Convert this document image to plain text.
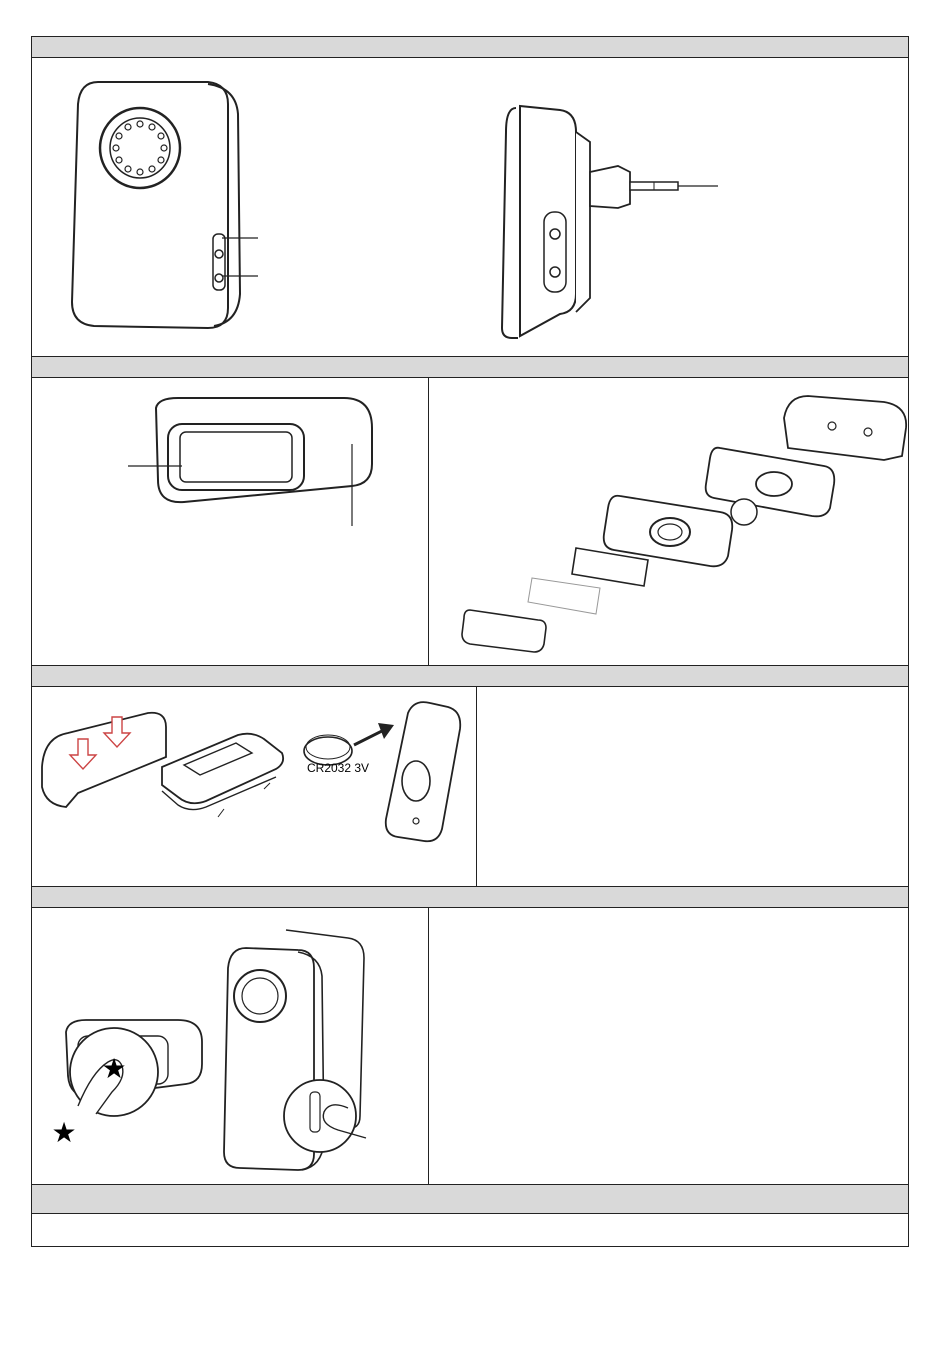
CR2032 3V
★
★
